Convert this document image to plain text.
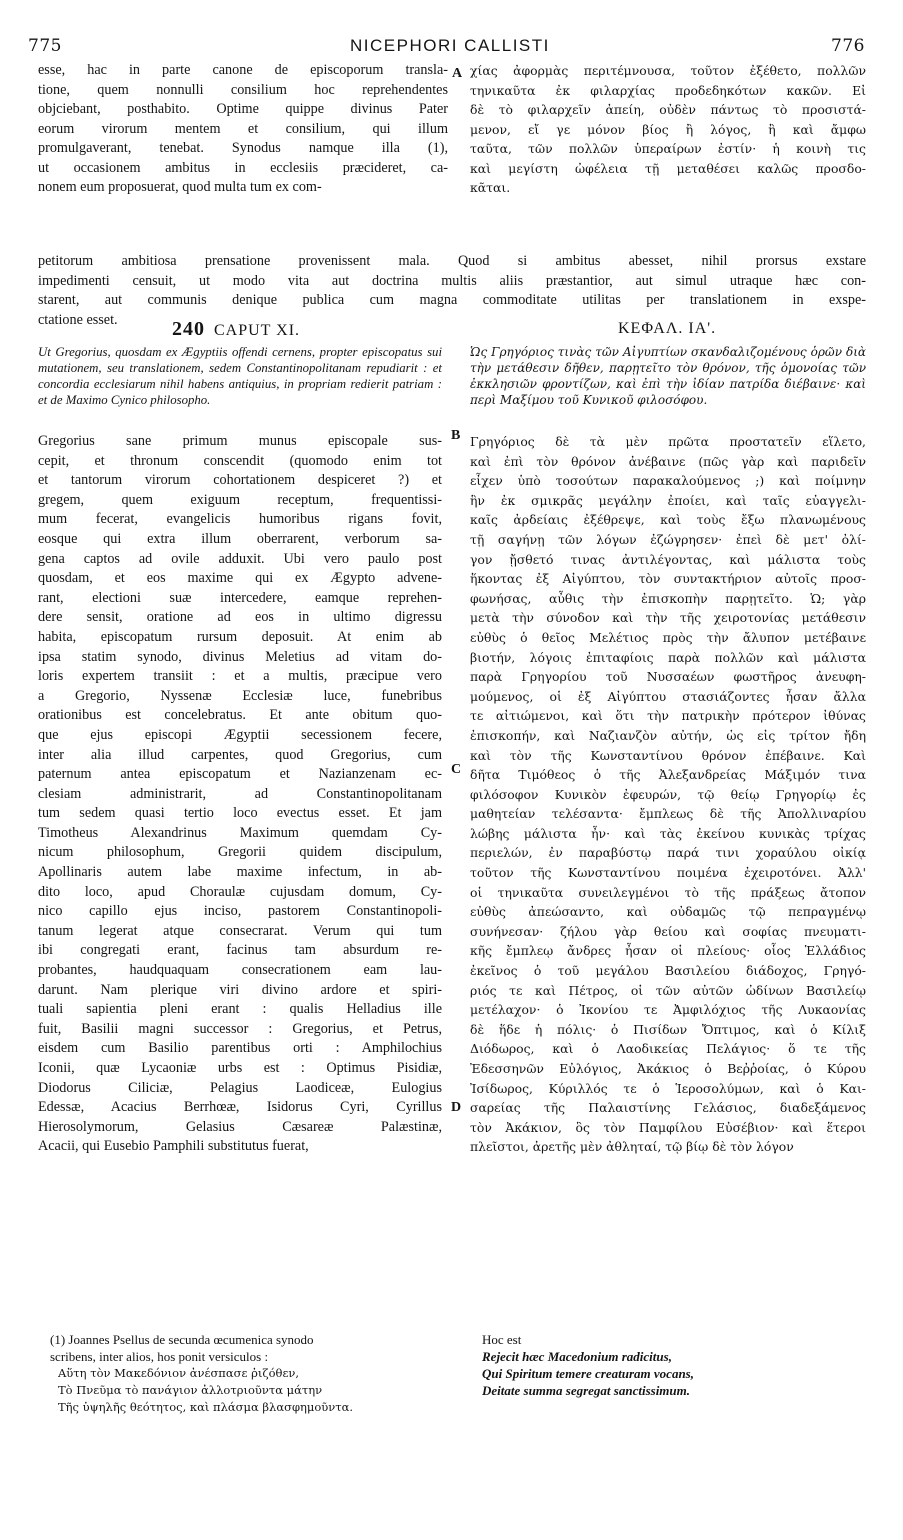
775	NICEPHORI CALLISTI	776
esse, hac in parte canone de episcoporum transla-
tione, quem nonnulli consilium hoc reprehendentes
objciebant, posthabito. Optime quippe divinus Pater
eorum virorum mentem et consilium, qui illum
promulgaverant, tenebat. Synodus namque illa (1),
ut occasionem ambitus in ecclesiis præcideret, ca-
nonem eum proposuerat, quod multa tum ex com-
A χίας ἀφορμὰς περιτέμνουσα, τοῦτον ἐξέθετο, πολλῶν
τηνικαῦτα ἐκ φιλαρχίας προδεδηκότων κακῶν. Εἰ
δὲ τὸ φιλαρχεῖν ἀπείη, οὐδὲν πάντως τὸ προσιστά-
μενον, εἴ γε μόνον βίος ἢ λόγος, ἢ καὶ ἄμφω
ταῦτα, τῶν πολλῶν ὑπεραίρων ἐστίν· ἡ κοινὴ τις
καὶ μεγίστη ὠφέλεια τῇ μεταθέσει καλῶς προσδο-
κᾶται.
petitorum ambitiosa prensatione provenissent mala. Quod si ambitus abesset, nihil prorsus exstare
impedimenti censuit, ut modo vita aut doctrina multis aliis præstantior, aut simul utraque hæc con-
starent, aut communis denique publica cum magna commoditate utilitas per translationem in exspe-
ctatione esset.	240 CAPUT XI.	ΚΕΦΑΛ. ΙΑ'.

Ut Gregorius, quosdam ex Ægyptiis offendi cernens, propter episcopatus sui mutationem, seu translationem, sedem Constantinopolitanam repudiarit : et concordia ecclesiarum nihil habens antiquius, in propriam redierit patriam : et de Maximo Cynico philosopho.

B

Ὡς Γρηγόριος τινὰς τῶν Αἰγυπτίων σκανδαλιζομένους ὁρῶν διὰ τὴν μετάθεσιν δῆθεν, παρῃτεῖτο τὸν θρόνον, τῆς ὁμονοίας τῶν ἐκκλησιῶν φροντίζων, καὶ ἐπὶ τὴν ἰδίαν πατρίδα διέβαινε· καὶ περὶ Μαξίμου τοῦ Κυνικοῦ φιλοσόφου.

Gregorius sane primum munus episcopale sus-
cepit, et thronum conscendit (quomodo enim tot
et tantorum virorum cohortationem despiceret ?) et
gregem, quem exiguum receptum, frequentissi-
mum fecerat, evangelicis humoribus rigans fovit,
eosque qui extra illum oberrarent, verborum sa-
gena captos ad ovile adduxit. Ubi vero paulo post
quosdam, et eos maxime qui ex Ægypto advene-
rant, electioni suæ intercedere, eamque reprehen-
dere sensit, oratione ad eos in ultimo digressu
habita, episcopatum rursum deposuit. At enim ab
ipsa statim synodo, divinus Meletius ad vitam do-
loris expertem transiit : et a multis, præcipue vero
a Gregorio, Nyssenæ Ecclesiæ luce, funebribus
orationibus est concelebratus. Et ante obitum quo-
que ejus episcopi Ægyptii secessionem fecere,
inter alia illud carpentes, quod Gregorius, cum
paternum antea episcopatum et Nazianzenam ec-
clesiam administrarit, ad Constantinopolitanam
tum sedem quasi tertio loco evectus esset. Et jam
Timotheus Alexandrinus Maximum quemdam Cy-
nicum philosophum, Gregorii quidem discipulum,
Apollinaris autem labe maxime infectum, in ab-
dito loco, apud Choraulæ cujusdam domum, Cy-
nico capillo ejus inciso, pastorem Constantinopoli-
tanum legerat atque consecrarat. Verum qui tum
ibi congregati erant, facinus tam absurdum re-
probantes, haudquaquam consecrationem eam lau-
darunt. Nam plerique viri divino ardore et spiri-
tuali sapientia pleni erant : qualis Helladius ille
fuit, Basilii magni successor : Gregorius, et Petrus,
eisdem cum Basilio parentibus orti : Amphilochius
Iconii, quæ Lycaoniæ urbs est : Optimus Pisidiæ,
Diodorus Ciliciæ, Pelagius Laodiceæ, Eulogius
Edessæ, Acacius Berrhœæ, Isidorus Cyri, Cyrillus
Hierosolymorum, Gelasius Cæsareæ Palæstinæ,
Acacii, qui Eusebio Pamphili substitutus fuerat,
C
D
Γρηγόριος δὲ τὰ μὲν πρῶτα προστατεῖν εἵλετο,
καὶ ἐπὶ τὸν θρόνον ἀνέβαινε (πῶς γὰρ καὶ παριδεῖν
εἶχεν ὑπὸ τοσούτων παρακαλούμενος ;) καὶ ποίμνην
ἣν ἐκ σμικρᾶς μεγάλην ἐποίει, καὶ ταῖς εὐαγγελι-
καῖς ἀρδείαις ἐξέθρεψε, καὶ τοὺς ἔξω πλανωμένους
τῇ σαγήνῃ τῶν λόγων ἐζώγρησεν· ἐπεὶ δὲ μετ' ὀλί-
γον ᾔσθετό τινας ἀντιλέγοντας, καὶ μάλιστα τοὺς
ἥκοντας ἐξ Αἰγύπτου, τὸν συντακτήριον αὐτοῖς προσ-
φωνήσας, αὖθις τὴν ἐπισκοπὴν παρῃτεῖτο. Ὡ; γὰρ
μετὰ τὴν σύνοδον καὶ τὴν τῆς χειροτονίας μετάθεσιν
εὐθὺς ὁ θεῖος Μελέτιος πρὸς τὴν ἄλυπον μετέβαινε
βιοτήν, λόγοις ἐπιταφίοις παρὰ πολλῶν καὶ μάλιστα
παρὰ Γρηγορίου τοῦ Νυσσαέων φωστῆρος ἀνευφη-
μούμενος, οἱ ἐξ Αἰγύπτου στασιάζοντες ἦσαν ἄλλα
τε αἰτιώμενοι, καὶ ὅτι τὴν πατρικὴν πρότερον ἰθύνας
ἐπισκοπήν, καὶ Ναζιανζὸν αὐτήν, ὡς εἰς τρίτον ἤδη
καὶ τὸν τῆς Κωνσταντίνου θρόνον ἐπέβαινε. Καὶ
δῆτα Τιμόθεος ὁ τῆς Ἀλεξανδρείας Μάξιμόν τινα
φιλόσοφον Κυνικὸν ἐφευρών, τῷ θείῳ Γρηγορίῳ ἐς
μαθητείαν τελέσαντα· ἔμπλεως δὲ τῆς Ἀπολλιναρίου
λώβης μάλιστα ἦν· καὶ τὰς ἐκείνου κυνικὰς τρίχας
περιελών, ἐν παραβύστῳ παρά τινι χοραύλου οἰκίᾳ
τοῦτον τῆς Κωνσταντίνου ποιμένα ἐχειροτόνει. Ἀλλ'
οἱ τηνικαῦτα συνειλεγμένοι τὸ τῆς πράξεως ἄτοπον
εὐθὺς ἀπεώσαντο, καὶ οὐδαμῶς τῷ πεπραγμένῳ
συνήνεσαν· ζήλου γὰρ θείου καὶ σοφίας πνευματι-
κῆς ἔμπλεῳ ἄνδρες ἦσαν οἱ πλείους· οἷος Ἑλλάδιος
ἐκεῖνος ὁ τοῦ μεγάλου Βασιλείου διάδοχος, Γρηγό-
ριός τε καὶ Πέτρος, οἱ τῶν αὐτῶν ὠδίνων Βασιλείῳ
μετέλαχον· ὁ Ἰκονίου τε Ἀμφιλόχιος τῆς Λυκαονίας
δὲ ἥδε ἡ πόλις· ὁ Πισίδων Ὄπτιμος, καὶ ὁ Κίλιξ
Διόδωρος, καὶ ὁ Λαοδικείας Πελάγιος· ὅ τε τῆς
Ἐδεσσηνῶν Εὐλόγιος, Ἀκάκιος ὁ Βεῤῥοίας, ὁ Κύρου
Ἰσίδωρος, Κύριλλός τε ὁ Ἱεροσολύμων, καὶ ὁ Και-
σαρείας τῆς Παλαιστίνης Γελάσιος, διαδεξάμενος
τὸν Ἀκάκιον, ὃς τὸν Παμφίλου Εὐσέβιον· καὶ ἕτεροι
πλεῖστοι, ἀρετῆς μὲν ἀθληταί, τῷ βίῳ δὲ τὸν λόγον
(1) Joannes Psellus de secunda œcumenica synodo
scribens, inter alios, hos ponit versiculos :
Αὕτη τὸν Μακεδόνιον ἀνέσπασε ῥιζόθεν,
Τὸ Πνεῦμα τὸ πανάγιον ἀλλοτριοῦντα μάτην
Τῆς ὑψηλῆς θεότητος, καὶ πλάσμα βλασφημοῦντα.
Hoc est
Rejecit hæc Macedonium radicitus,
Qui Spiritum temere creaturam vocans,
Deitate summa segregat sanctissimum.
